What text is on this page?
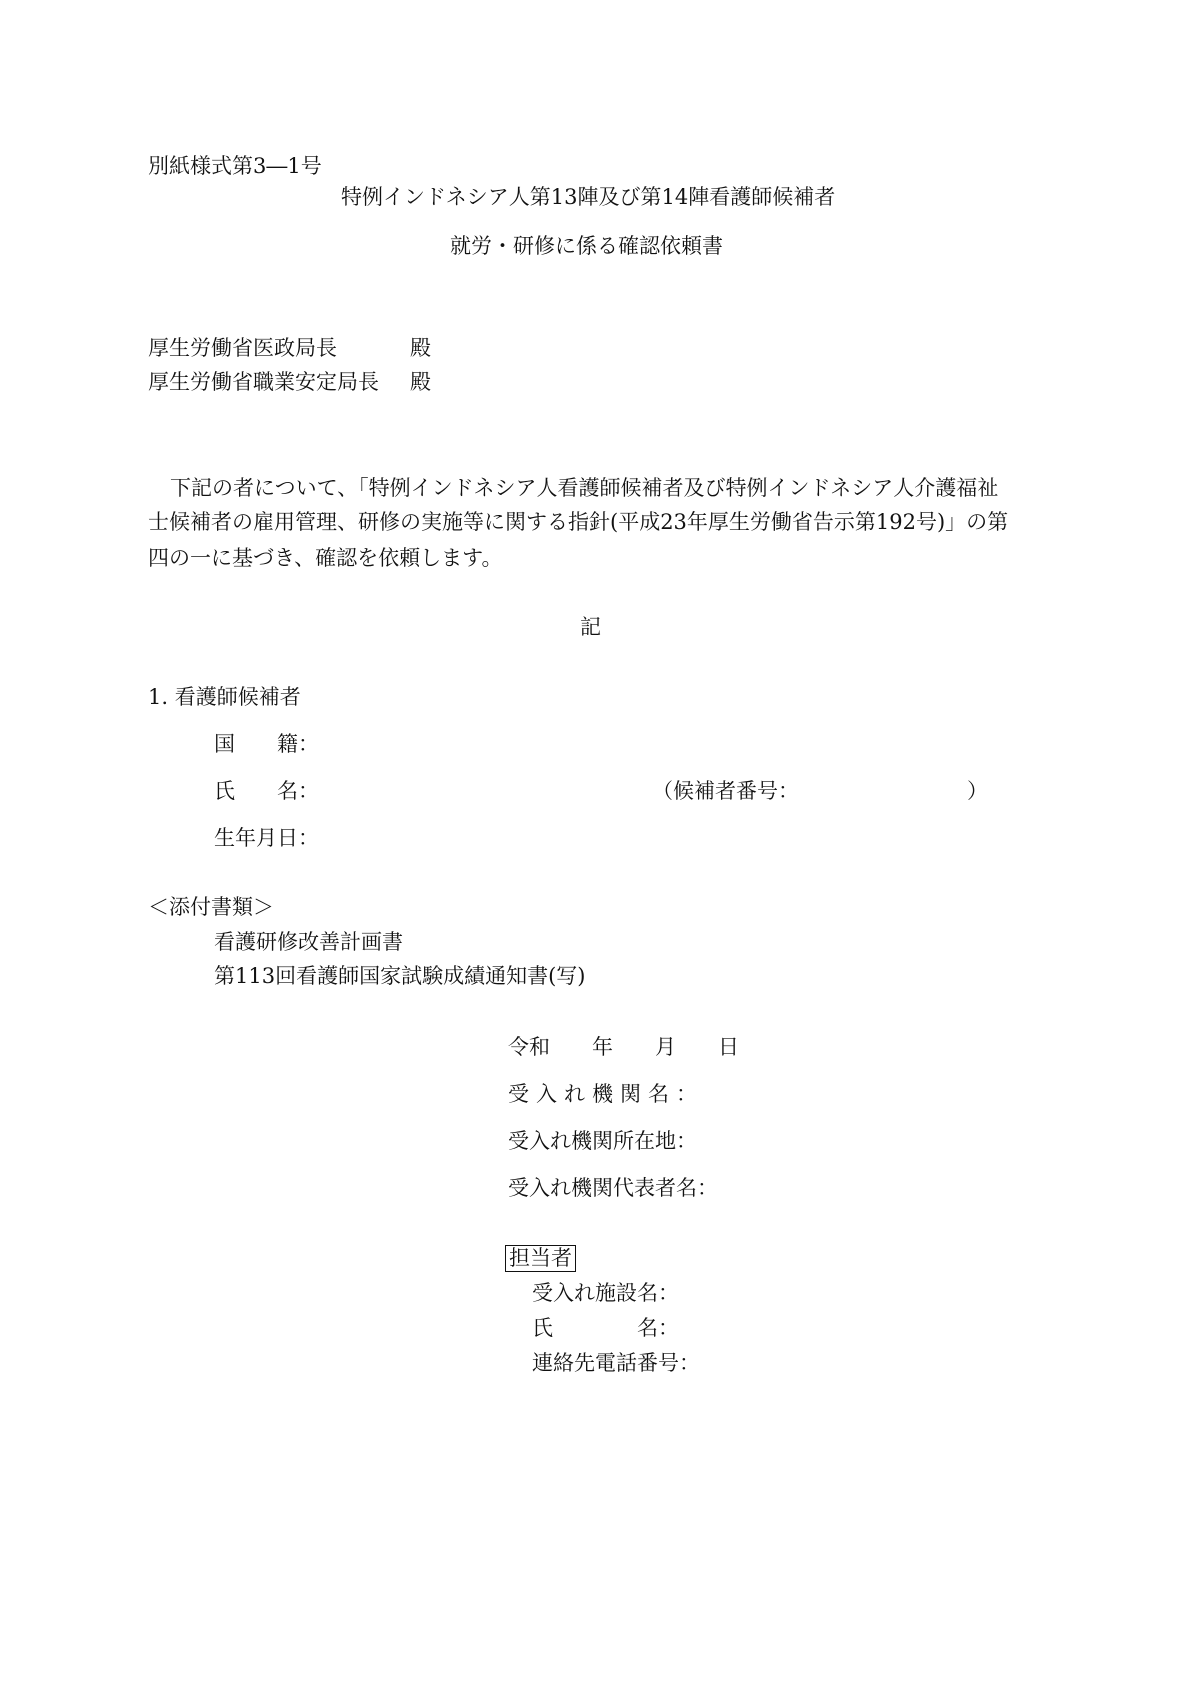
別紙様式第3―1号
特例インドネシア人第13陣及び第14陣看護師候補者
就労・研修に係る確認依頼書
厚生労働省医政局長	殿
厚生労働省職業安定局長 殿
下記の者について、「特例インドネシア人看護師候補者及び特例インドネシア人介護福祉
士候補者の雇用管理、研修の実施等に関する指針(平成23年厚生労働省告示第192号)」の第
四の一に基づき、確認を依頼します。
記
1. 看護師候補者
国　　籍：
氏　　名：	（候補者番号：	）
生年月日：
＜添付書類＞
看護研修改善計画書
第113回看護師国家試験成績通知書(写)
令和　　年　　月　　日
受入れ機関名：
受入れ機関所在地：
受入れ機関代表者名：
担当者
受入れ施設名：
氏　　　　名：
連絡先電話番号：
